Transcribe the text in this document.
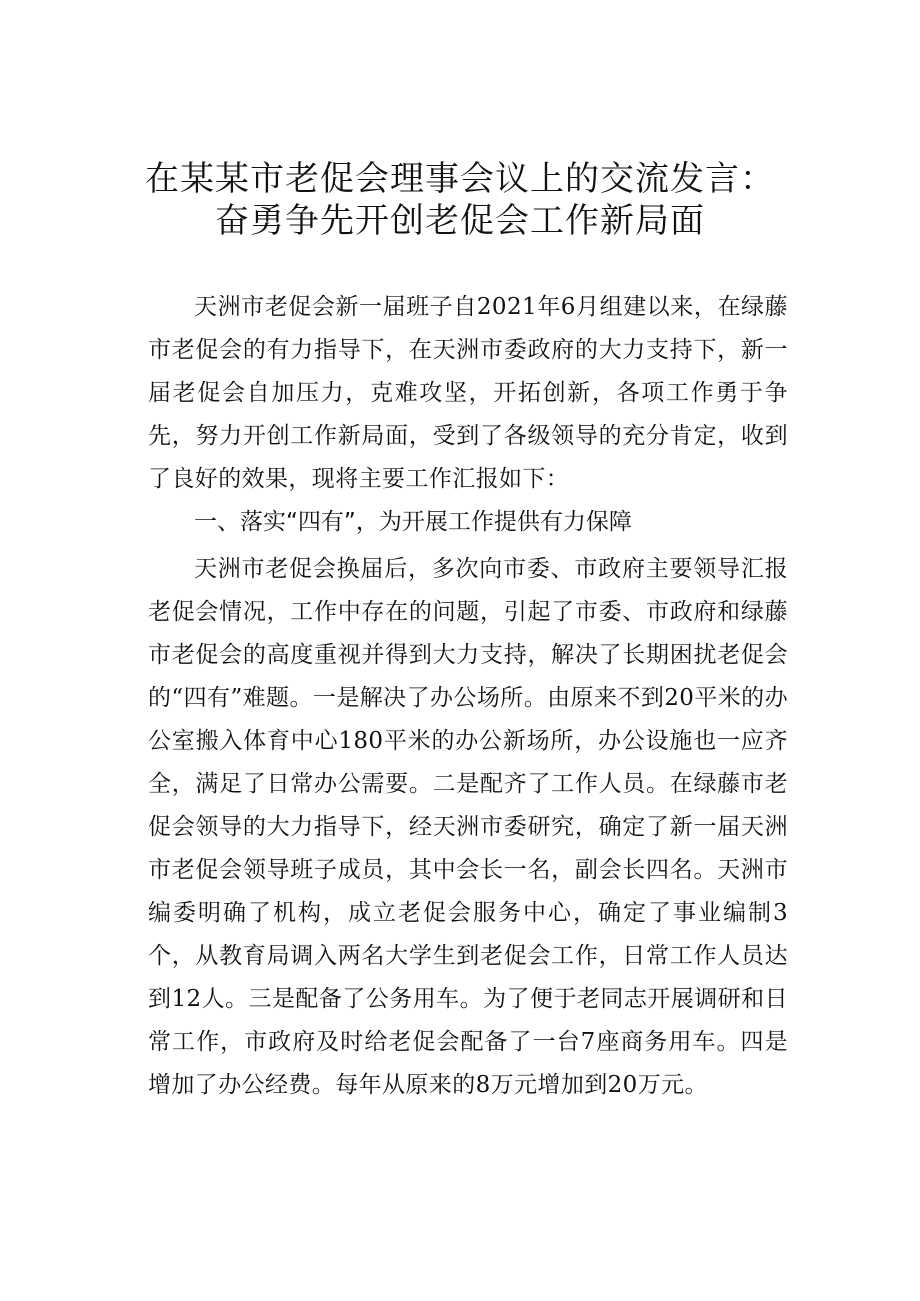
在某某市老促会理事会议上的交流发言：
奋勇争先开创老促会工作新局面

天洲市老促会新一届班子自2021年6月组建以来，在绿藤市老促会的有力指导下，在天洲市委政府的大力支持下，新一届老促会自加压力，克难攻坚，开拓创新，各项工作勇于争先，努力开创工作新局面，受到了各级领导的充分肯定，收到了良好的效果，现将主要工作汇报如下：

一、落实“四有”，为开展工作提供有力保障

天洲市老促会换届后，多次向市委、市政府主要领导汇报老促会情况，工作中存在的问题，引起了市委、市政府和绿藤市老促会的高度重视并得到大力支持，解决了长期困扰老促会的“四有”难题。一是解决了办公场所。由原来不到20平米的办公室搬入体育中心180平米的办公新场所，办公设施也一应齐全，满足了日常办公需要。二是配齐了工作人员。在绿藤市老促会领导的大力指导下，经天洲市委研究，确定了新一届天洲市老促会领导班子成员，其中会长一名，副会长四名。天洲市编委明确了机构，成立老促会服务中心，确定了事业编制3个，从教育局调入两名大学生到老促会工作，日常工作人员达到12人。三是配备了公务用车。为了便于老同志开展调研和日常工作，市政府及时给老促会配备了一台7座商务用车。四是增加了办公经费。每年从原来的8万元增加到20万元。
